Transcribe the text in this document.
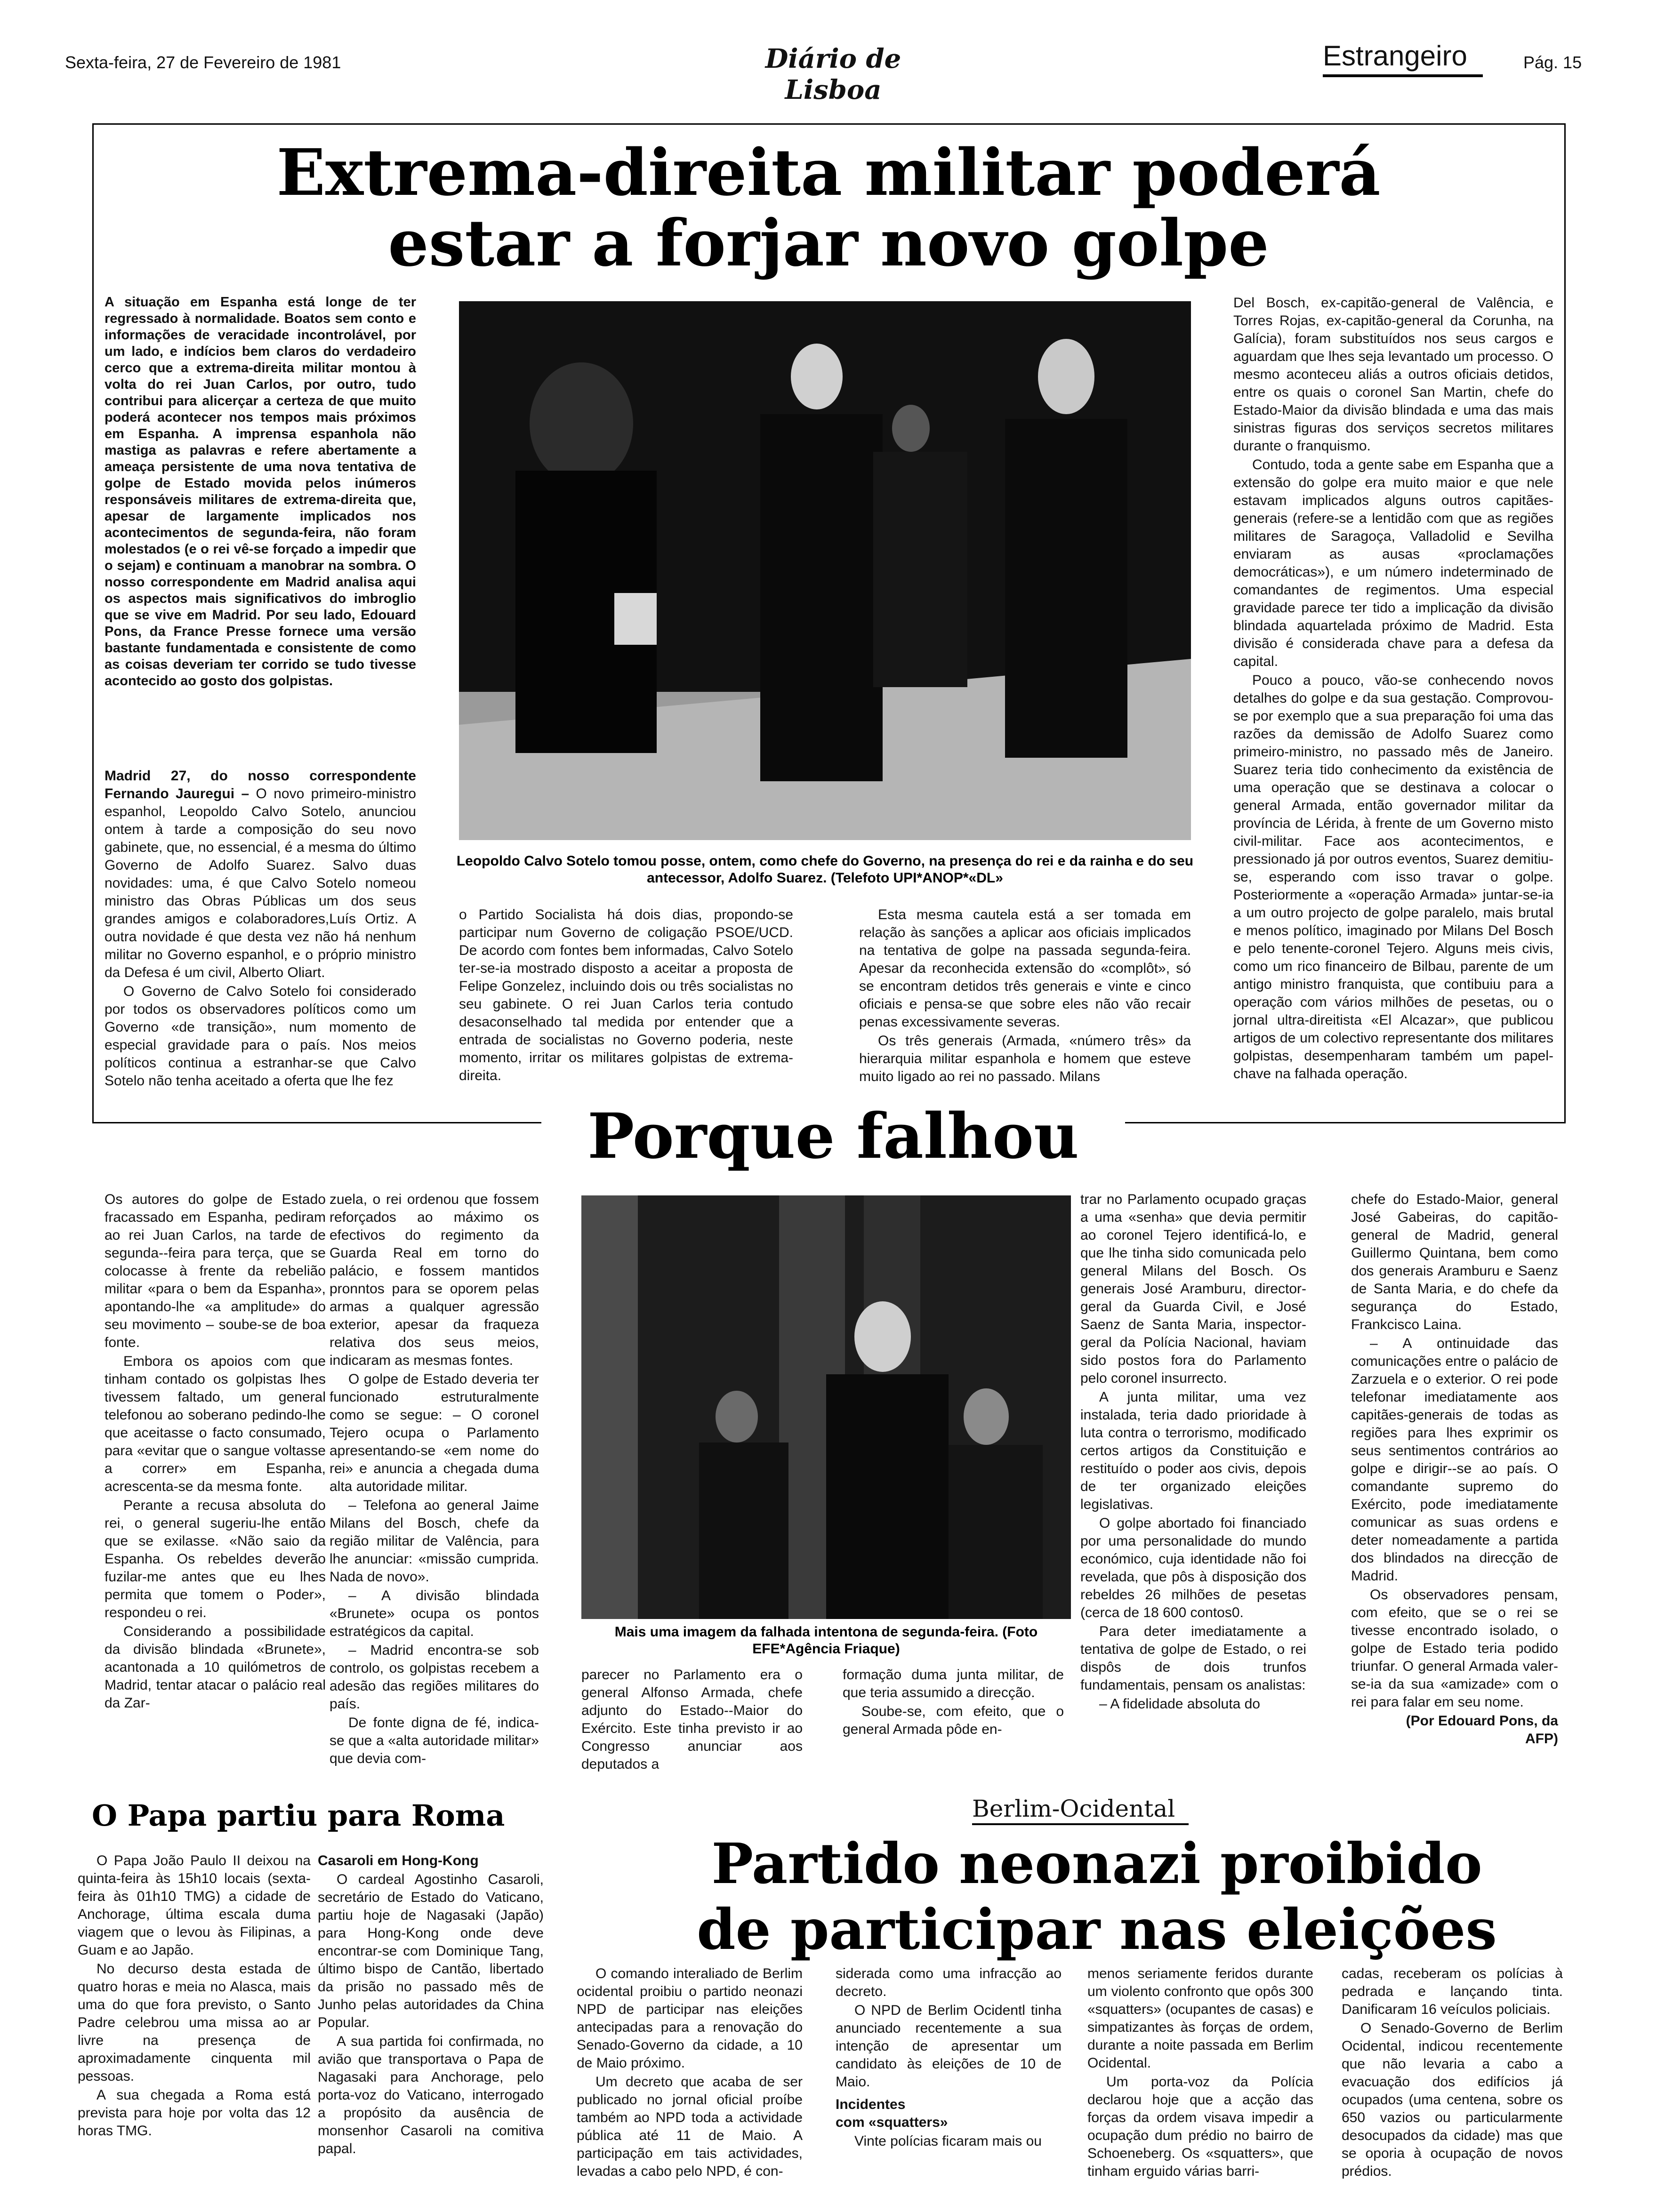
Sexta-feira, 27 de Fevereiro de 1981	Diário de Lisboa
Estrangeiro	Pág. 15
Extrema-direita militar poderá
estar a forjar novo golpe
A situação em Espanha está longe de ter regressado à normalidade. Boatos sem conto e informações de veracidade incontrolável, por um lado, e indícios bem claros do verdadeiro cerco que a extrema-direita militar montou à volta do rei Juan Carlos, por outro, tudo contribui para alicerçar a certeza de que muito poderá acontecer nos tempos mais próximos em Espanha. A imprensa espanhola não mastiga as palavras e refere abertamente a ameaça persistente de uma nova tentativa de golpe de Estado movida pelos inúmeros responsáveis militares de extrema-direita que, apesar de largamente implicados nos acontecimentos de segunda-feira, não foram molestados (e o rei vê-se forçado a impedir que o sejam) e continuam a manobrar na sombra. O nosso correspondente em Madrid analisa aqui os aspectos mais significativos do imbroglio que se vive em Madrid. Por seu lado, Edouard Pons, da France Presse fornece uma versão bastante fundamentada e consistente de como as coisas deveriam ter corrido se tudo tivesse acontecido ao gosto dos golpistas.

Madrid 27, do nosso correspondente Fernando Jauregui – O novo primeiro-ministro espanhol, Leopoldo Calvo Sotelo, anunciou ontem à tarde a composição do seu novo gabinete, que, no essencial, é a mesma do último Governo de Adolfo Suarez. Salvo duas novidades: uma, é que Calvo Sotelo nomeou ministro das Obras Públicas um dos seus grandes amigos e colaboradores,Luís Ortiz. A outra novidade é que desta vez não há nenhum militar no Governo espanhol, e o próprio ministro da Defesa é um civil, Alberto Oliart.

O Governo de Calvo Sotelo foi considerado por todos os observadores políticos como um Governo «de transição», num momento de especial gravidade para o país. Nos meios políticos continua a estranhar-se que Calvo Sotelo não tenha aceitado a oferta que lhe fez

Leopoldo Calvo Sotelo tomou posse, ontem, como chefe do Governo, na presença do rei e da rainha e do seu antecessor, Adolfo Suarez. (Telefoto UPI*ANOP*«DL»

o Partido Socialista há dois dias, propondo-se participar num Governo de coligação PSOE/UCD. De acordo com fontes bem informadas, Calvo Sotelo ter-se-ia mostrado disposto a aceitar a proposta de Felipe Gonzelez, incluindo dois ou três socialistas no seu gabinete. O rei Juan Carlos teria contudo desaconselhado tal medida por entender que a entrada de socialistas no Governo poderia, neste momento, irritar os militares golpistas de extrema-direita.

Esta mesma cautela está a ser tomada em relação às sanções a aplicar aos oficiais implicados na tentativa de golpe na passada segunda-feira. Apesar da reconhecida extensão do «complôt», só se encontram detidos três generais e vinte e cinco oficiais e pensa-se que sobre eles não vão recair penas excessivamente severas.

Os três generais (Armada, «número três» da hierarquia militar espanhola e homem que esteve muito ligado ao rei no passado. Milans

Del Bosch, ex-capitão-general de Valência, e Torres Rojas, ex-capitão-general da Corunha, na Galícia), foram substituídos nos seus cargos e aguardam que lhes seja levantado um processo. O mesmo aconteceu aliás a outros oficiais detidos, entre os quais o coronel San Martin, chefe do Estado-Maior da divisão blindada e uma das mais sinistras figuras dos serviços secretos militares durante o franquismo.

Contudo, toda a gente sabe em Espanha que a extensão do golpe era muito maior e que nele estavam implicados alguns outros capitães-generais (refere-se a lentidão com que as regiões militares de Saragoça, Valladolid e Sevilha enviaram as ausas «proclamações democráticas»), e um número indeterminado de comandantes de regimentos. Uma especial gravidade parece ter tido a implicação da divisão blindada aquartelada próximo de Madrid. Esta divisão é considerada chave para a defesa da capital.

Pouco a pouco, vão-se conhecendo novos detalhes do golpe e da sua gestação. Comprovou-se por exemplo que a sua preparação foi uma das razões da demissão de Adolfo Suarez como primeiro-ministro, no passado mês de Janeiro. Suarez teria tido conhecimento da existência de uma operação que se destinava a colocar o general Armada, então governador militar da província de Lérida, à frente de um Governo misto civil-militar. Face aos acontecimentos, e pressionado já por outros eventos, Suarez demitiu-se, esperando com isso travar o golpe. Posteriormente a «operação Armada» juntar-se-ia a um outro projecto de golpe paralelo, mais brutal e menos político, imaginado por Milans Del Bosch e pelo tenente-coronel Tejero. Alguns meis civis, como um rico financeiro de Bilbau, parente de um antigo ministro franquista, que contibuiu para a operação com vários milhões de pesetas, ou o jornal ultra-direitista «El Alcazar», que publicou artigos de um colectivo representante dos militares golpistas, desempenharam também um papel-chave na falhada operação.

Porque falhou

Os autores do golpe de Estado fracassado em Espanha, pediram ao rei Juan Carlos, na tarde de segunda--feira para terça, que se colocasse à frente da rebelião militar «para o bem da Espanha», apontando-lhe «a amplitude» do seu movimento – soube-se de boa fonte.

Embora os apoios com que tinham contado os golpistas lhes tivessem faltado, um general telefonou ao soberano pedindo-lhe que aceitasse o facto consumado, para «evitar que o sangue voltasse a correr» em Espanha, acrescenta-se da mesma fonte.

Perante a recusa absoluta do rei, o general sugeriu-lhe então que se exilasse. «Não saio da Espanha. Os rebeldes deverão fuzilar-me antes que eu lhes permita que tomem o Poder», respondeu o rei.

Considerando a possibilidade da divisão blindada «Brunete», acantonada a 10 quilómetros de Madrid, tentar atacar o palácio real da Zar-

zuela, o rei ordenou que fossem reforçados ao máximo os efectivos do regimento da Guarda Real em torno do palácio, e fossem mantidos pronntos para se oporem pelas armas a qualquer agressão exterior, apesar da fraqueza relativa dos seus meios, indicaram as mesmas fontes.

O golpe de Estado deveria ter funcionado estruturalmente como se segue: – O coronel Tejero ocupa o Parlamento apresentando-se «em nome do rei» e anuncia a chegada duma alta autoridade militar.

– Telefona ao general Jaime Milans del Bosch, chefe da região militar de Valência, para lhe anunciar: «missão cumprida. Nada de novo».

– A divisão blindada «Brunete» ocupa os pontos estratégicos da capital.

– Madrid encontra-se sob controlo, os golpistas recebem a adesão das regiões militares do país.

De fonte digna de fé, indica-se que a «alta autoridade militar» que devia com-

Mais uma imagem da falhada intentona de segunda-feira. (Foto EFE*Agência Friaque)

parecer no Parlamento era o general Alfonso Armada, chefe adjunto do Estado--Maior do Exército. Este tinha previsto ir ao Congresso anunciar aos deputados a

formação duma junta militar, de que teria assumido a direcção.

Soube-se, com efeito, que o general Armada pôde en-

trar no Parlamento ocupado graças a uma «senha» que devia permitir ao coronel Tejero identificá-lo, e que lhe tinha sido comunicada pelo general Milans del Bosch. Os generais José Aramburu, director-geral da Guarda Civil, e José Saenz de Santa Maria, inspector-geral da Polícia Nacional, haviam sido postos fora do Parlamento pelo coronel insurrecto.

A junta militar, uma vez instalada, teria dado prioridade à luta contra o terrorismo, modificado certos artigos da Constituição e restituído o poder aos civis, depois de ter organizado eleições legislativas.

O golpe abortado foi financiado por uma personalidade do mundo económico, cuja identidade não foi revelada, que pôs à disposição dos rebeldes 26 milhões de pesetas (cerca de 18 600 contos0.

Para deter imediatamente a tentativa de golpe de Estado, o rei dispôs de dois trunfos fundamentais, pensam os analistas:

– A fidelidade absoluta do

chefe do Estado-Maior, general José Gabeiras, do capitão-general de Madrid, general Guillermo Quintana, bem como dos generais Aramburu e Saenz de Santa Maria, e do chefe da segurança do Estado, Frankcisco Laina.

– A ontinuidade das comunicações entre o palácio de Zarzuela e o exterior. O rei pode telefonar imediatamente aos capitães-generais de todas as regiões para lhes exprimir os seus sentimentos contrários ao golpe e dirigir--se ao país. O comandante supremo do Exército, pode imediatamente comunicar as suas ordens e deter nomeadamente a partida dos blindados na direcção de Madrid.

Os observadores pensam, com efeito, que se o rei se tivesse encontrado isolado, o golpe de Estado teria podido triunfar. O general Armada valer-se-ia da sua «amizade» com o rei para falar em seu nome.

(Por Edouard Pons, da AFP)

O Papa partiu para Roma

O Papa João Paulo II deixou na quinta-feira às 15h10 locais (sexta-feira às 01h10 TMG) a cidade de Anchorage, última escala duma viagem que o levou às Filipinas, a Guam e ao Japão.

No decurso desta estada de quatro horas e meia no Alasca, mais uma do que fora previsto, o Santo Padre celebrou uma missa ao ar livre na presença de aproximadamente cinquenta mil pessoas.

A sua chegada a Roma está prevista para hoje por volta das 12 horas TMG.

Casaroli em Hong-Kong

O cardeal Agostinho Casaroli, secretário de Estado do Vaticano, partiu hoje de Nagasaki (Japão) para Hong-Kong onde deve encontrar-se com Dominique Tang, último bispo de Cantão, libertado da prisão no passado mês de Junho pelas autoridades da China Popular.

A sua partida foi confirmada, no avião que transportava o Papa de Nagasaki para Anchorage, pelo porta-voz do Vaticano, interrogado a propósito da ausência de monsenhor Casaroli na comitiva papal.

Berlim-Ocidental
Partido neonazi proibido
de participar nas eleições

O comando interaliado de Berlim ocidental proibiu o partido neonazi NPD de participar nas eleições antecipadas para a renovação do Senado-Governo da cidade, a 10 de Maio próximo.

Um decreto que acaba de ser publicado no jornal oficial proíbe também ao NPD toda a actividade pública até 11 de Maio. A participação em tais actividades, levadas a cabo pelo NPD, é con-

siderada como uma infracção ao decreto.

O NPD de Berlim Ocidentl tinha anunciado recentemente a sua intenção de apresentar um candidato às eleições de 10 de Maio.

Incidentes
com «squatters»

Vinte polícias ficaram mais ou

menos seriamente feridos durante um violento confronto que opôs 300 «squatters» (ocupantes de casas) e simpatizantes às forças de ordem, durante a noite passada em Berlim Ocidental.

Um porta-voz da Polícia declarou hoje que a acção das forças da ordem visava impedir a ocupação dum prédio no bairro de Schoeneberg. Os «squatters», que tinham erguido várias barri-

cadas, receberam os polícias à pedrada e lançando tinta. Danificaram 16 veículos policiais.

O Senado-Governo de Berlim Ocidental, indicou recentemente que não levaria a cabo a evacuação dos edifícios já ocupados (uma centena, sobre os 650 vazios ou particularmente desocupados da cidade) mas que se oporia à ocupação de novos prédios.
